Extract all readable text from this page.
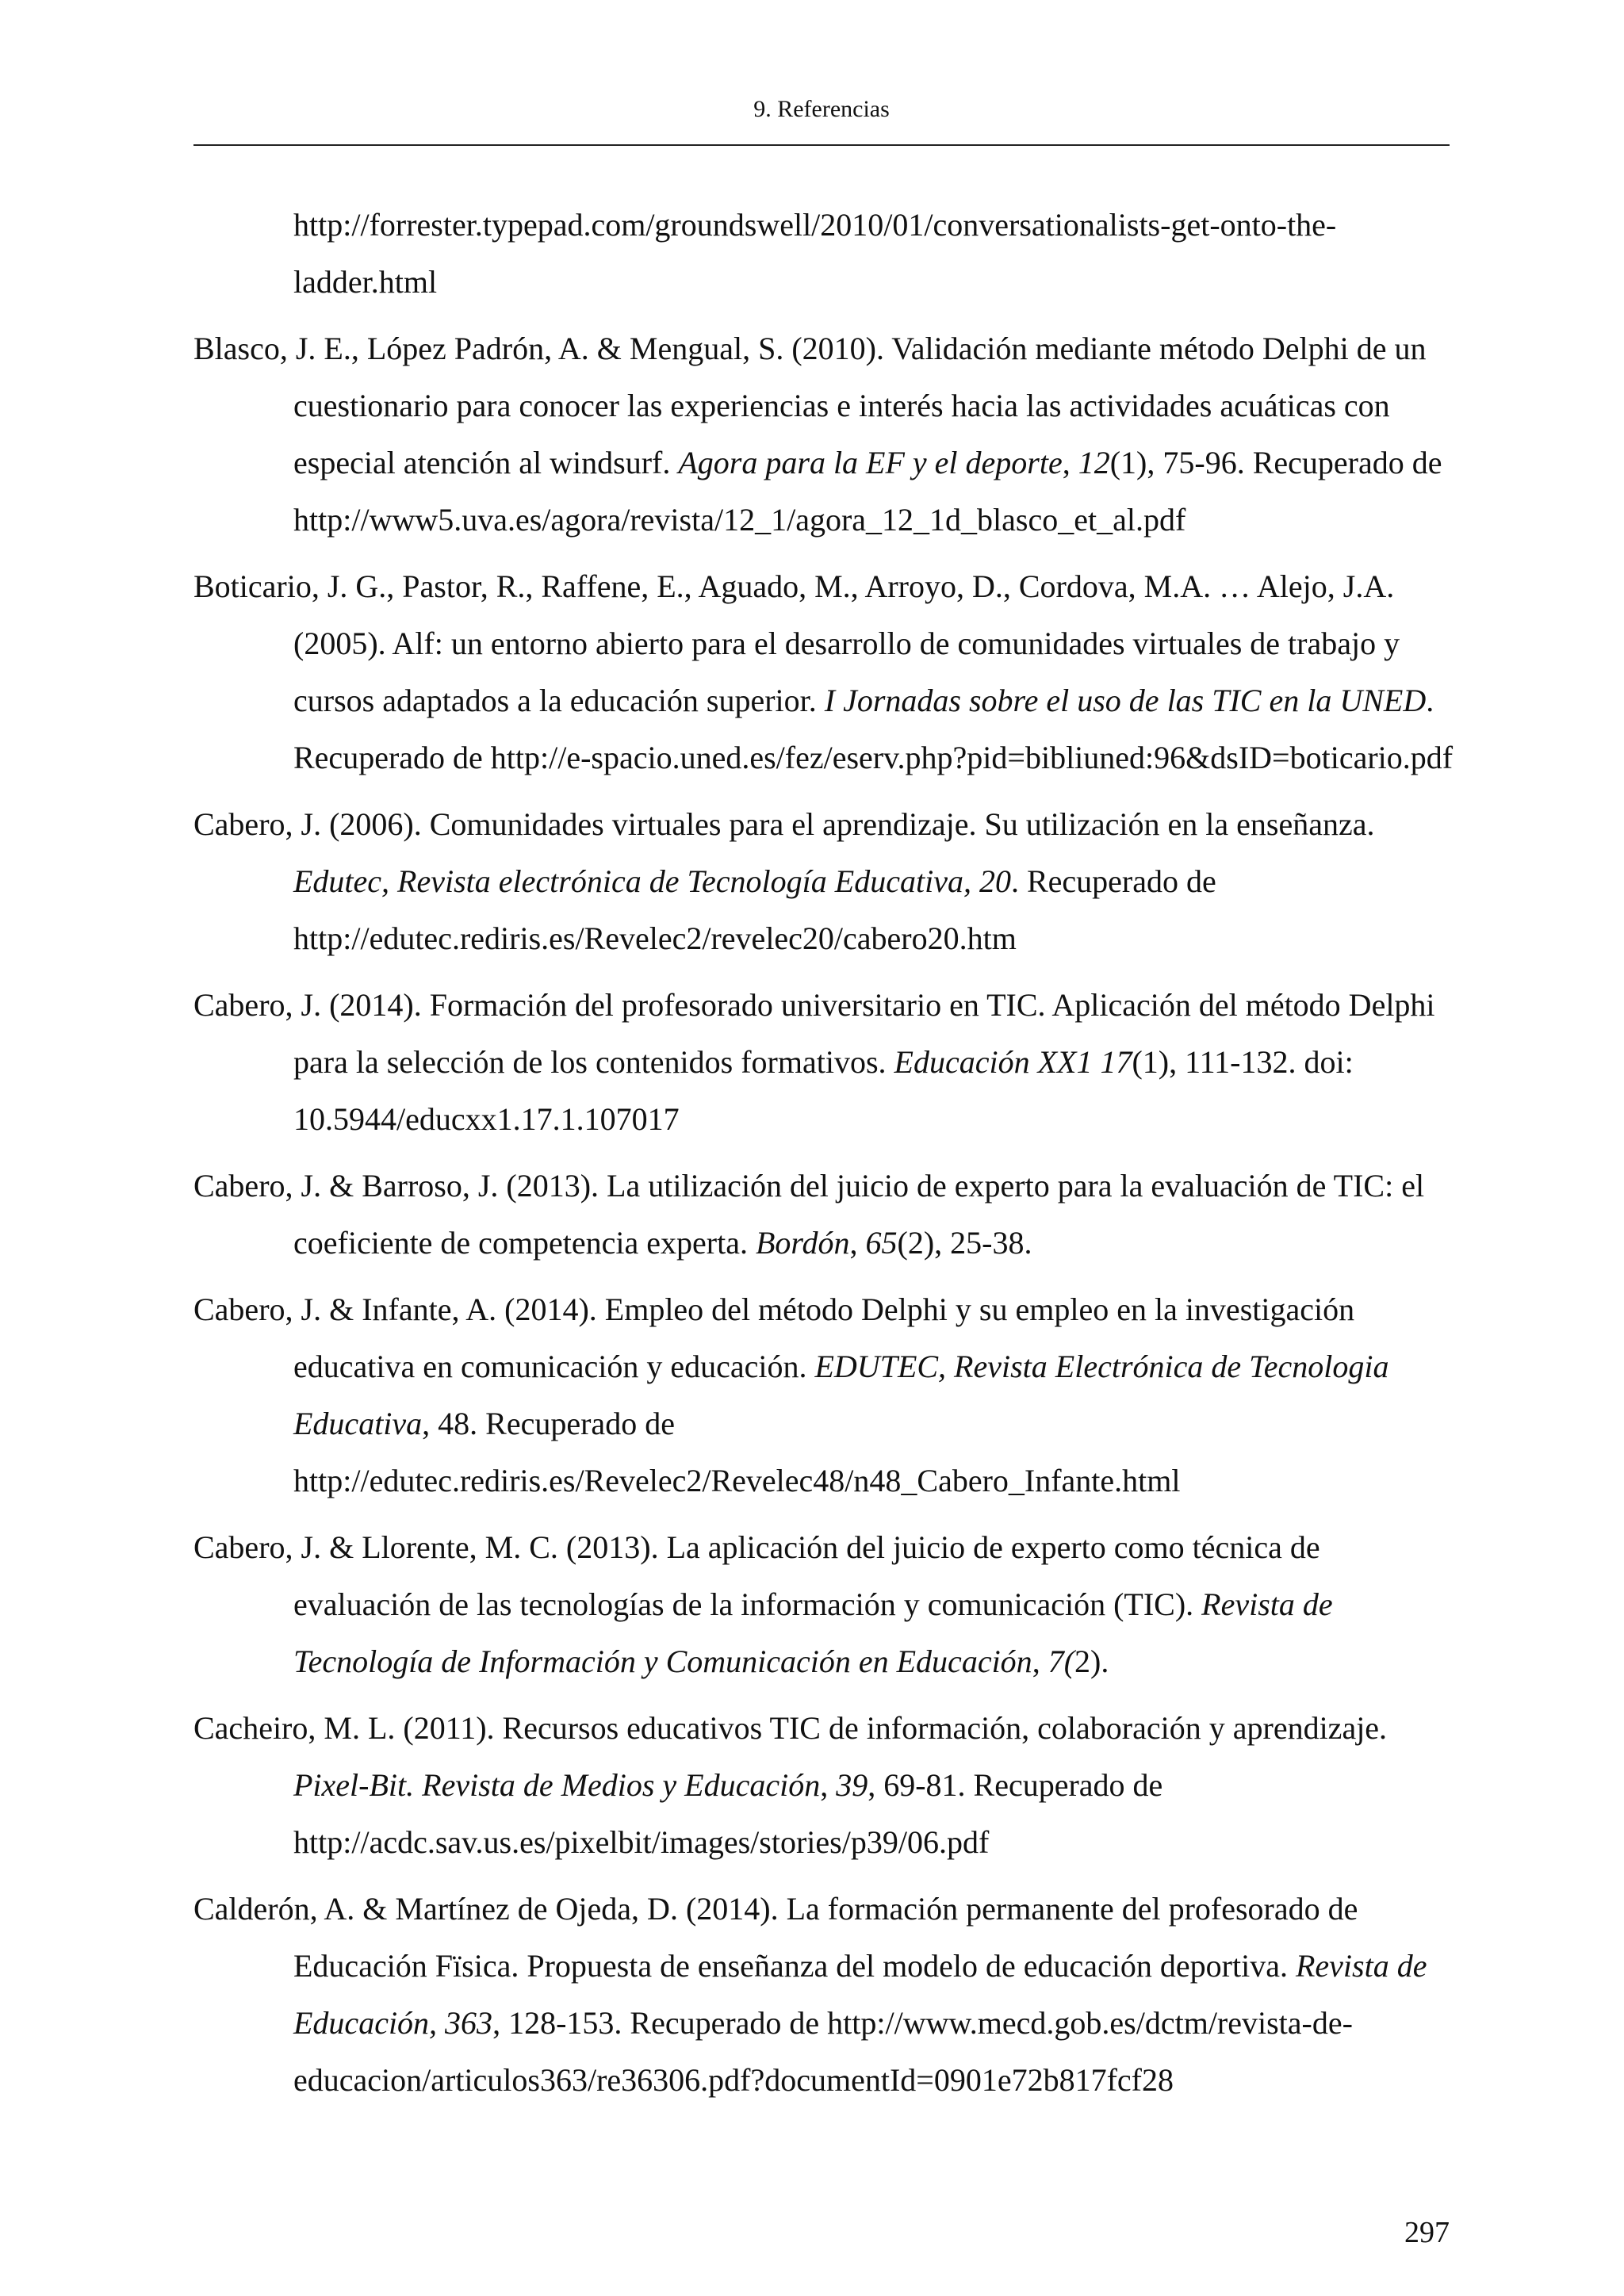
9. Referencias

http://forrester.typepad.com/groundswell/2010/01/conversationalists-get-onto-the-ladder.html

Blasco, J. E., López Padrón, A. & Mengual, S. (2010). Validación mediante método Delphi de un cuestionario para conocer las experiencias e interés hacia las actividades acuáticas con especial atención al windsurf. Agora para la EF y el deporte, 12(1), 75-96. Recuperado de http://www5.uva.es/agora/revista/12_1/agora_12_1d_blasco_et_al.pdf

Boticario, J. G., Pastor, R., Raffene, E., Aguado, M., Arroyo, D., Cordova, M.A. … Alejo, J.A. (2005). Alf: un entorno abierto para el desarrollo de comunidades virtuales de trabajo y cursos adaptados a la educación superior. I Jornadas sobre el uso de las TIC en la UNED. Recuperado de http://e-spacio.uned.es/fez/eserv.php?pid=bibliuned:96&dsID=boticario.pdf

Cabero, J. (2006). Comunidades virtuales para el aprendizaje. Su utilización en la enseñanza. Edutec, Revista electrónica de Tecnología Educativa, 20. Recuperado de http://edutec.rediris.es/Revelec2/revelec20/cabero20.htm

Cabero, J. (2014). Formación del profesorado universitario en TIC. Aplicación del método Delphi para la selección de los contenidos formativos. Educación XX1 17(1), 111-132. doi: 10.5944/educxx1.17.1.107017

Cabero, J. & Barroso, J. (2013). La utilización del juicio de experto para la evaluación de TIC: el coeficiente de competencia experta. Bordón, 65(2), 25-38.

Cabero, J. & Infante, A. (2014). Empleo del método Delphi y su empleo en la investigación educativa en comunicación y educación. EDUTEC, Revista Electrónica de Tecnologia Educativa, 48. Recuperado de http://edutec.rediris.es/Revelec2/Revelec48/n48_Cabero_Infante.html

Cabero, J. & Llorente, M. C. (2013). La aplicación del juicio de experto como técnica de evaluación de las tecnologías de la información y comunicación (TIC). Revista de Tecnología de Información y Comunicación en Educación, 7(2).

Cacheiro, M. L. (2011). Recursos educativos TIC de información, colaboración y aprendizaje. Pixel-Bit. Revista de Medios y Educación, 39, 69-81. Recuperado de http://acdc.sav.us.es/pixelbit/images/stories/p39/06.pdf

Calderón, A. & Martínez de Ojeda, D. (2014). La formación permanente del profesorado de Educación Fïsica. Propuesta de enseñanza del modelo de educación deportiva. Revista de Educación, 363, 128-153. Recuperado de http://www.mecd.gob.es/dctm/revista-de-educacion/articulos363/re36306.pdf?documentId=0901e72b817fcf28

297
